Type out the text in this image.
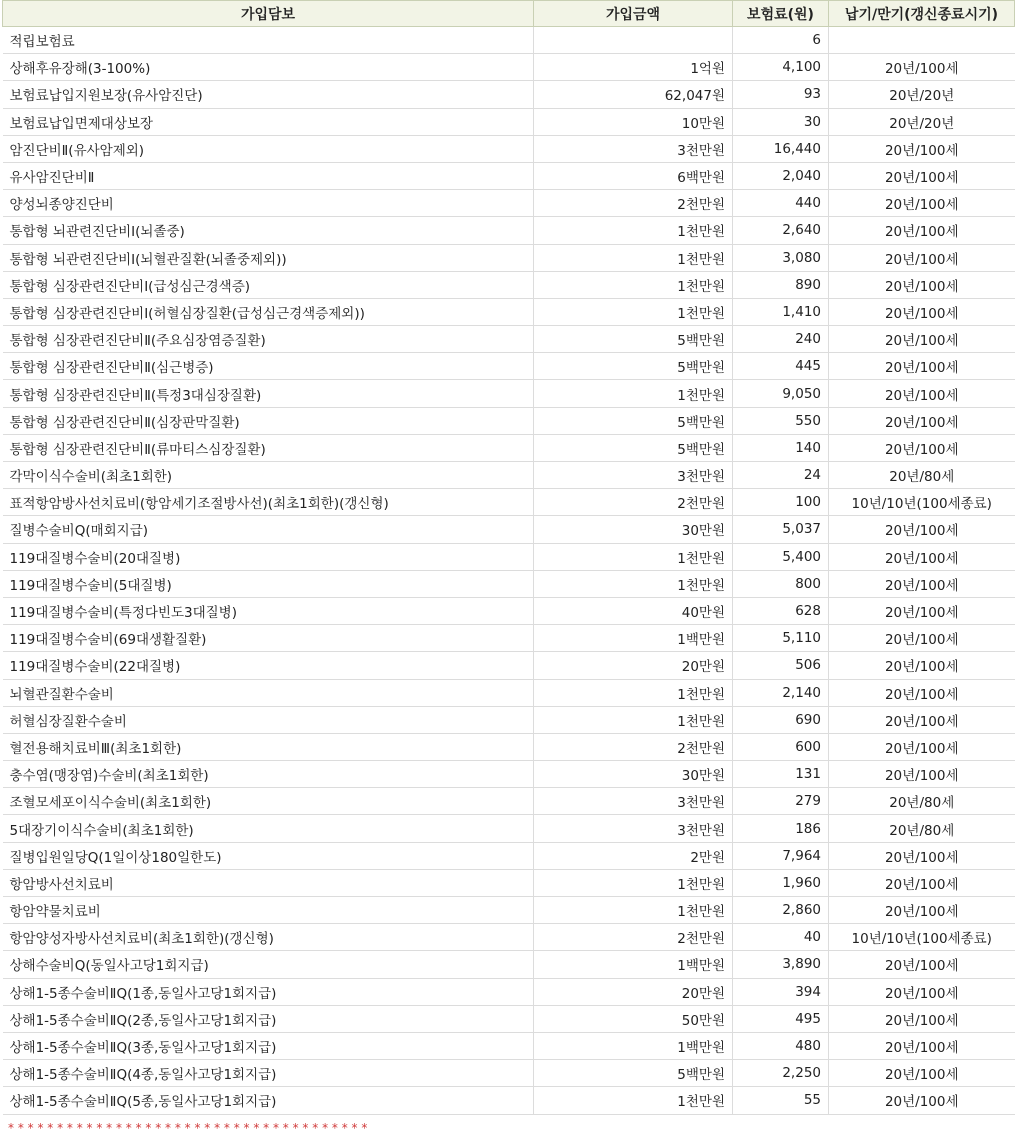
가입담보	가입금액	보험료(원)	납기/만기(갱신종료시기)
적립보험료		6	
상해후유장해(3-100%)	1억원	4,100	20년/100세
보험료납입지원보장(유사암진단)	62,047원	93	20년/20년
보험료납입면제대상보장	10만원	30	20년/20년
암진단비Ⅱ(유사암제외)	3천만원	16,440	20년/100세
유사암진단비Ⅱ	6백만원	2,040	20년/100세
양성뇌종양진단비	2천만원	440	20년/100세
통합형 뇌관련진단비Ⅰ(뇌졸중)	1천만원	2,640	20년/100세
통합형 뇌관련진단비Ⅰ(뇌혈관질환(뇌졸중제외))	1천만원	3,080	20년/100세
통합형 심장관련진단비Ⅰ(급성심근경색증)	1천만원	890	20년/100세
통합형 심장관련진단비Ⅰ(허혈심장질환(급성심근경색증제외))	1천만원	1,410	20년/100세
통합형 심장관련진단비Ⅱ(주요심장염증질환)	5백만원	240	20년/100세
통합형 심장관련진단비Ⅱ(심근병증)	5백만원	445	20년/100세
통합형 심장관련진단비Ⅱ(특정3대심장질환)	1천만원	9,050	20년/100세
통합형 심장관련진단비Ⅱ(심장판막질환)	5백만원	550	20년/100세
통합형 심장관련진단비Ⅱ(류마티스심장질환)	5백만원	140	20년/100세
각막이식수술비(최초1회한)	3천만원	24	20년/80세
표적항암방사선치료비(항암세기조절방사선)(최초1회한)(갱신형)	2천만원	100	10년/10년(100세종료)
질병수술비Q(매회지급)	30만원	5,037	20년/100세
119대질병수술비(20대질병)	1천만원	5,400	20년/100세
119대질병수술비(5대질병)	1천만원	800	20년/100세
119대질병수술비(특정다빈도3대질병)	40만원	628	20년/100세
119대질병수술비(69대생활질환)	1백만원	5,110	20년/100세
119대질병수술비(22대질병)	20만원	506	20년/100세
뇌혈관질환수술비	1천만원	2,140	20년/100세
허혈심장질환수술비	1천만원	690	20년/100세
혈전용해치료비Ⅲ(최초1회한)	2천만원	600	20년/100세
충수염(맹장염)수술비(최초1회한)	30만원	131	20년/100세
조혈모세포이식수술비(최초1회한)	3천만원	279	20년/80세
5대장기이식수술비(최초1회한)	3천만원	186	20년/80세
질병입원일당Q(1일이상180일한도)	2만원	7,964	20년/100세
항암방사선치료비	1천만원	1,960	20년/100세
항암약물치료비	1천만원	2,860	20년/100세
항암양성자방사선치료비(최초1회한)(갱신형)	2천만원	40	10년/10년(100세종료)
상해수술비Q(동일사고당1회지급)	1백만원	3,890	20년/100세
상해1-5종수술비ⅡQ(1종,동일사고당1회지급)	20만원	394	20년/100세
상해1-5종수술비ⅡQ(2종,동일사고당1회지급)	50만원	495	20년/100세
상해1-5종수술비ⅡQ(3종,동일사고당1회지급)	1백만원	480	20년/100세
상해1-5종수술비ⅡQ(4종,동일사고당1회지급)	5백만원	2,250	20년/100세
상해1-5종수술비ⅡQ(5종,동일사고당1회지급)	1천만원	55	20년/100세
* * * * * * * * * * * * * * * * * * * * * * * * * * * * * * * * * * * * *
